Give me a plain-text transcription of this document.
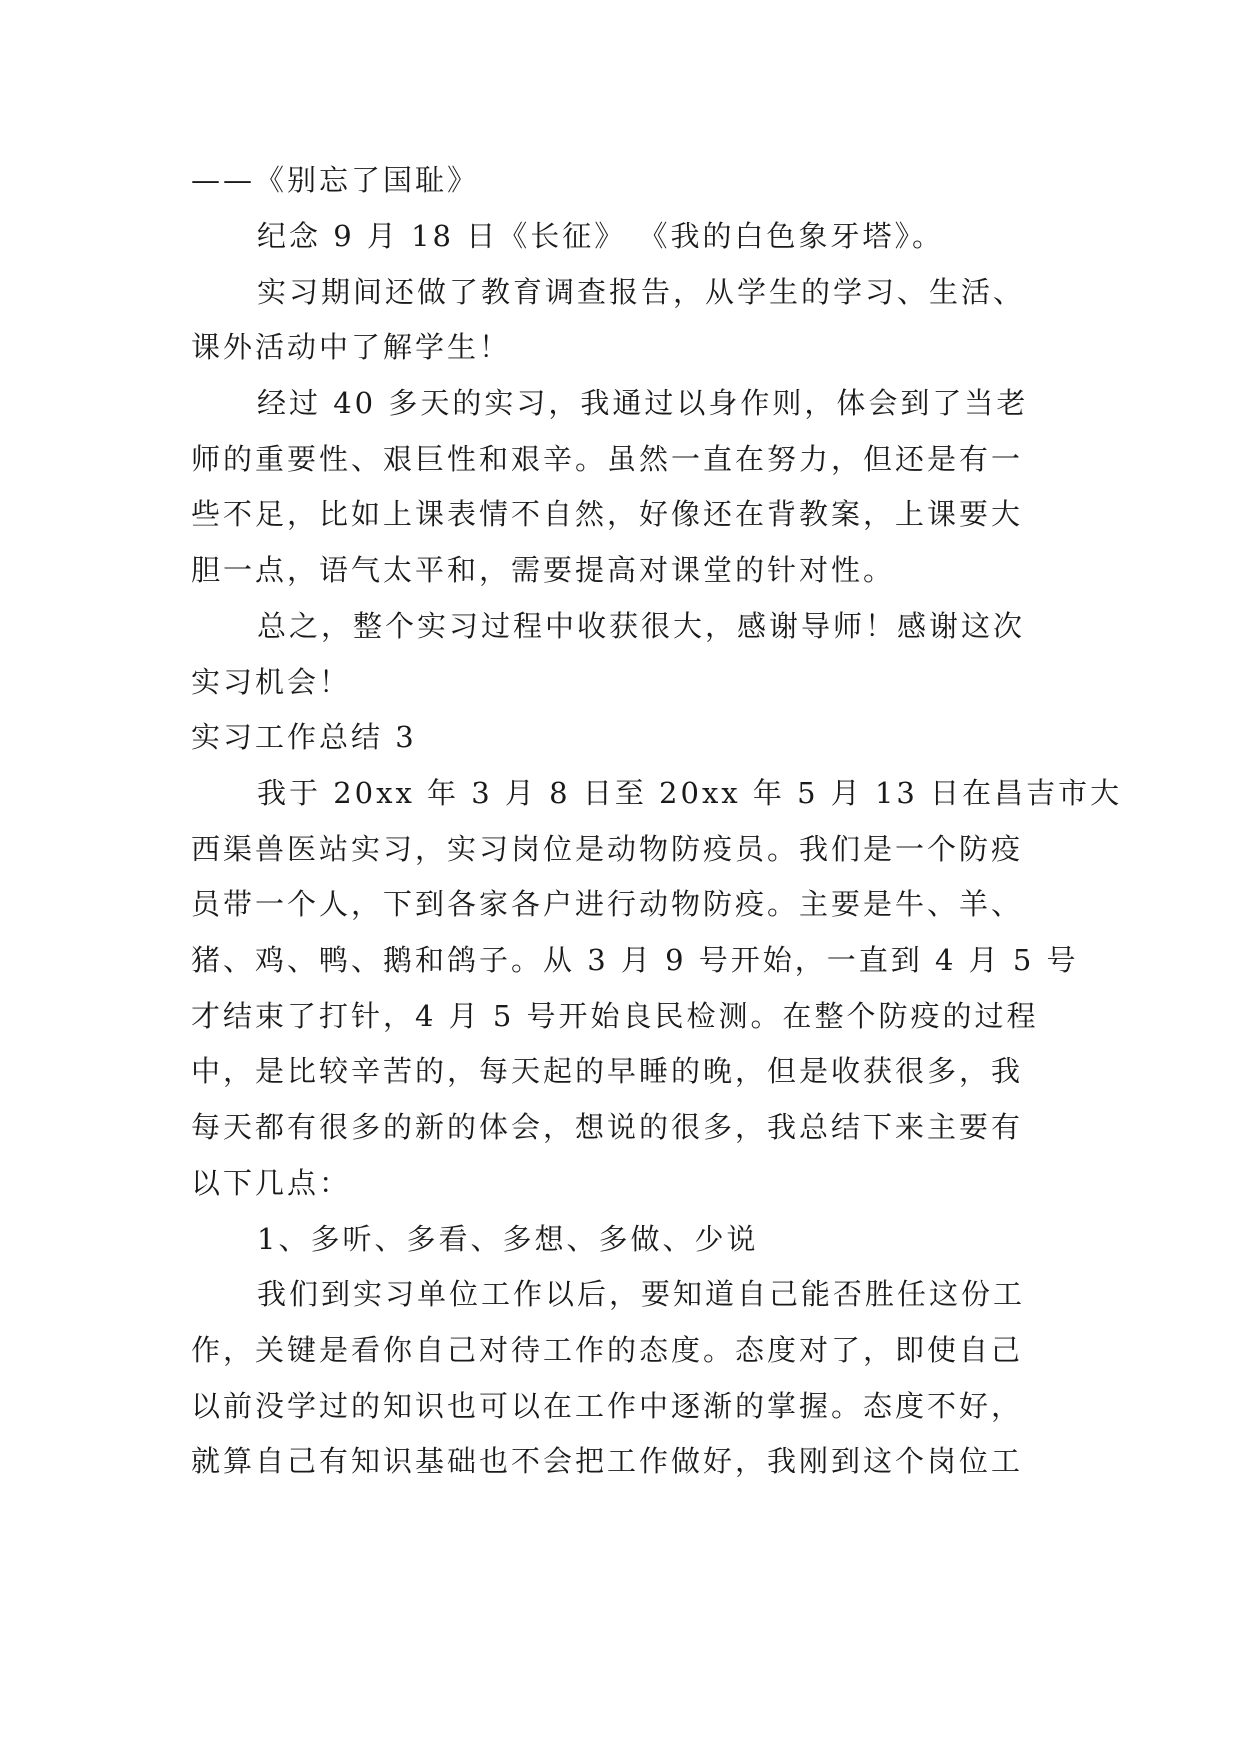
——《别忘了国耻》
纪念 9 月 18 日《长征》 《我的白色象牙塔》。
实习期间还做了教育调查报告，从学生的学习、生活、
课外活动中了解学生！
经过 40 多天的实习，我通过以身作则，体会到了当老
师的重要性、艰巨性和艰辛。虽然一直在努力，但还是有一
些不足，比如上课表情不自然，好像还在背教案，上课要大
胆一点，语气太平和，需要提高对课堂的针对性。
总之，整个实习过程中收获很大，感谢导师！感谢这次
实习机会！
实习工作总结 3
我于 20xx 年 3 月 8 日至 20xx 年 5 月 13 日在昌吉市大
西渠兽医站实习，实习岗位是动物防疫员。我们是一个防疫
员带一个人，下到各家各户进行动物防疫。主要是牛、羊、
猪、鸡、鸭、鹅和鸽子。从 3 月 9 号开始，一直到 4 月 5 号
才结束了打针，4 月 5 号开始良民检测。在整个防疫的过程
中，是比较辛苦的，每天起的早睡的晚，但是收获很多，我
每天都有很多的新的体会，想说的很多，我总结下来主要有
以下几点：
1、多听、多看、多想、多做、少说
我们到实习单位工作以后，要知道自己能否胜任这份工
作，关键是看你自己对待工作的态度。态度对了，即使自己
以前没学过的知识也可以在工作中逐渐的掌握。态度不好，
就算自己有知识基础也不会把工作做好，我刚到这个岗位工
